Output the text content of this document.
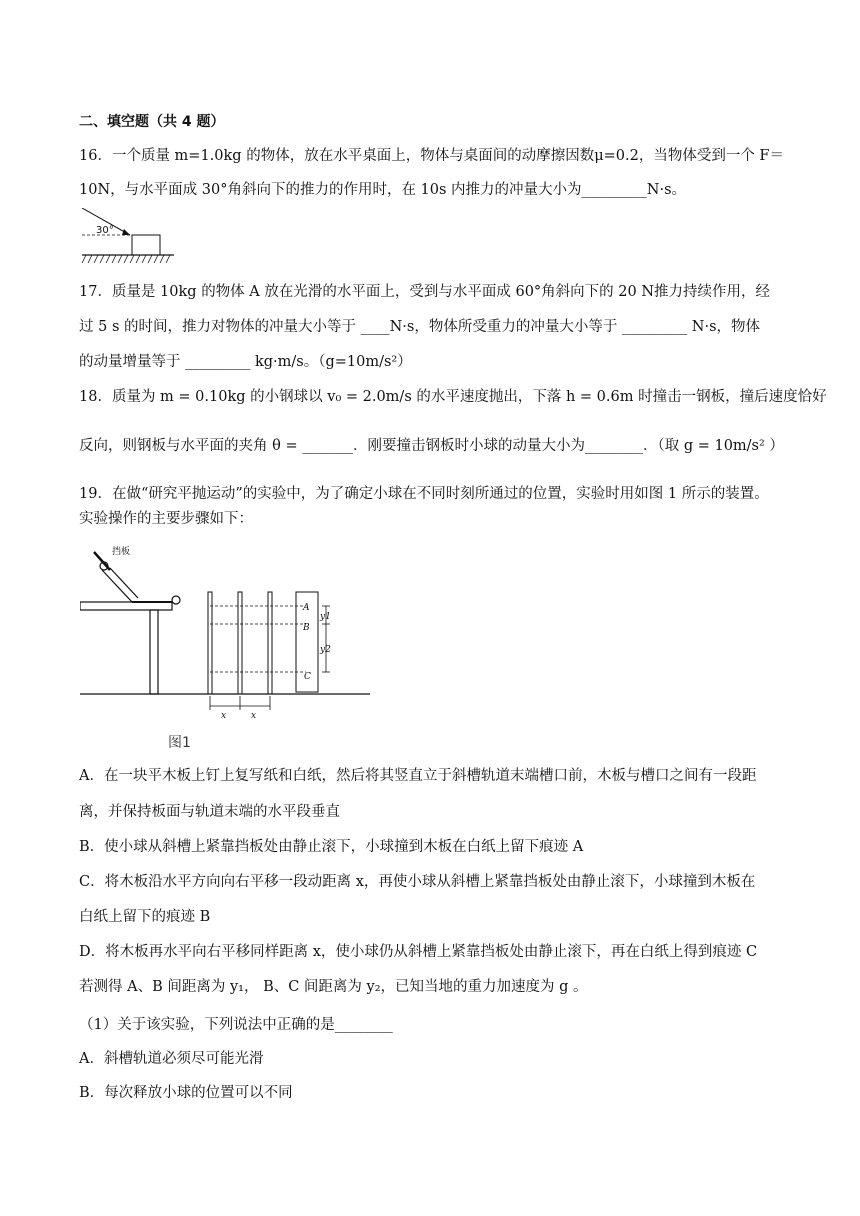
二、填空题（共 4 题）
16．一个质量 m=1.0kg 的物体，放在水平桌面上，物体与桌面间的动摩擦因数μ=0.2，当物体受到一个 F＝
10N，与水平面成 30°角斜向下的推力的作用时，在 10s 内推力的冲量大小为_________N·s。
30°
17．质量是 10kg 的物体 A 放在光滑的水平面上，受到与水平面成 60°角斜向下的 20 N推力持续作用，经
过 5 s 的时间，推力对物体的冲量大小等于 ____N·s，物体所受重力的冲量大小等于 _________ N·s，物体
的动量增量等于 _________ kg·m/s。（g=10m/s²）
18．质量为 m = 0.10kg 的小钢球以 v₀ = 2.0m/s 的水平速度抛出，下落 h = 0.6m 时撞击一钢板，撞后速度恰好
反向，则钢板与水平面的夹角 θ = _______．刚要撞击钢板时小球的动量大小为________．（取 g = 10m/s² ）
19．在做“研究平抛运动”的实验中，为了确定小球在不同时刻所通过的位置，实验时用如图 1 所示的装置。
实验操作的主要步骤如下：
挡板
A
B
C
y1
y2
x	x
图1
A．在一块平木板上钉上复写纸和白纸，然后将其竖直立于斜槽轨道末端槽口前，木板与槽口之间有一段距
离，并保持板面与轨道末端的水平段垂直
B．使小球从斜槽上紧靠挡板处由静止滚下，小球撞到木板在白纸上留下痕迹 A
C．将木板沿水平方向向右平移一段动距离 x，再使小球从斜槽上紧靠挡板处由静止滚下，小球撞到木板在
白纸上留下的痕迹 B
D．将木板再水平向右平移同样距离 x，使小球仍从斜槽上紧靠挡板处由静止滚下，再在白纸上得到痕迹 C
若测得 A、B 间距离为 y₁， B、C 间距离为 y₂，已知当地的重力加速度为 g 。
（1）关于该实验，下列说法中正确的是________
A．斜槽轨道必须尽可能光滑
B．每次释放小球的位置可以不同
